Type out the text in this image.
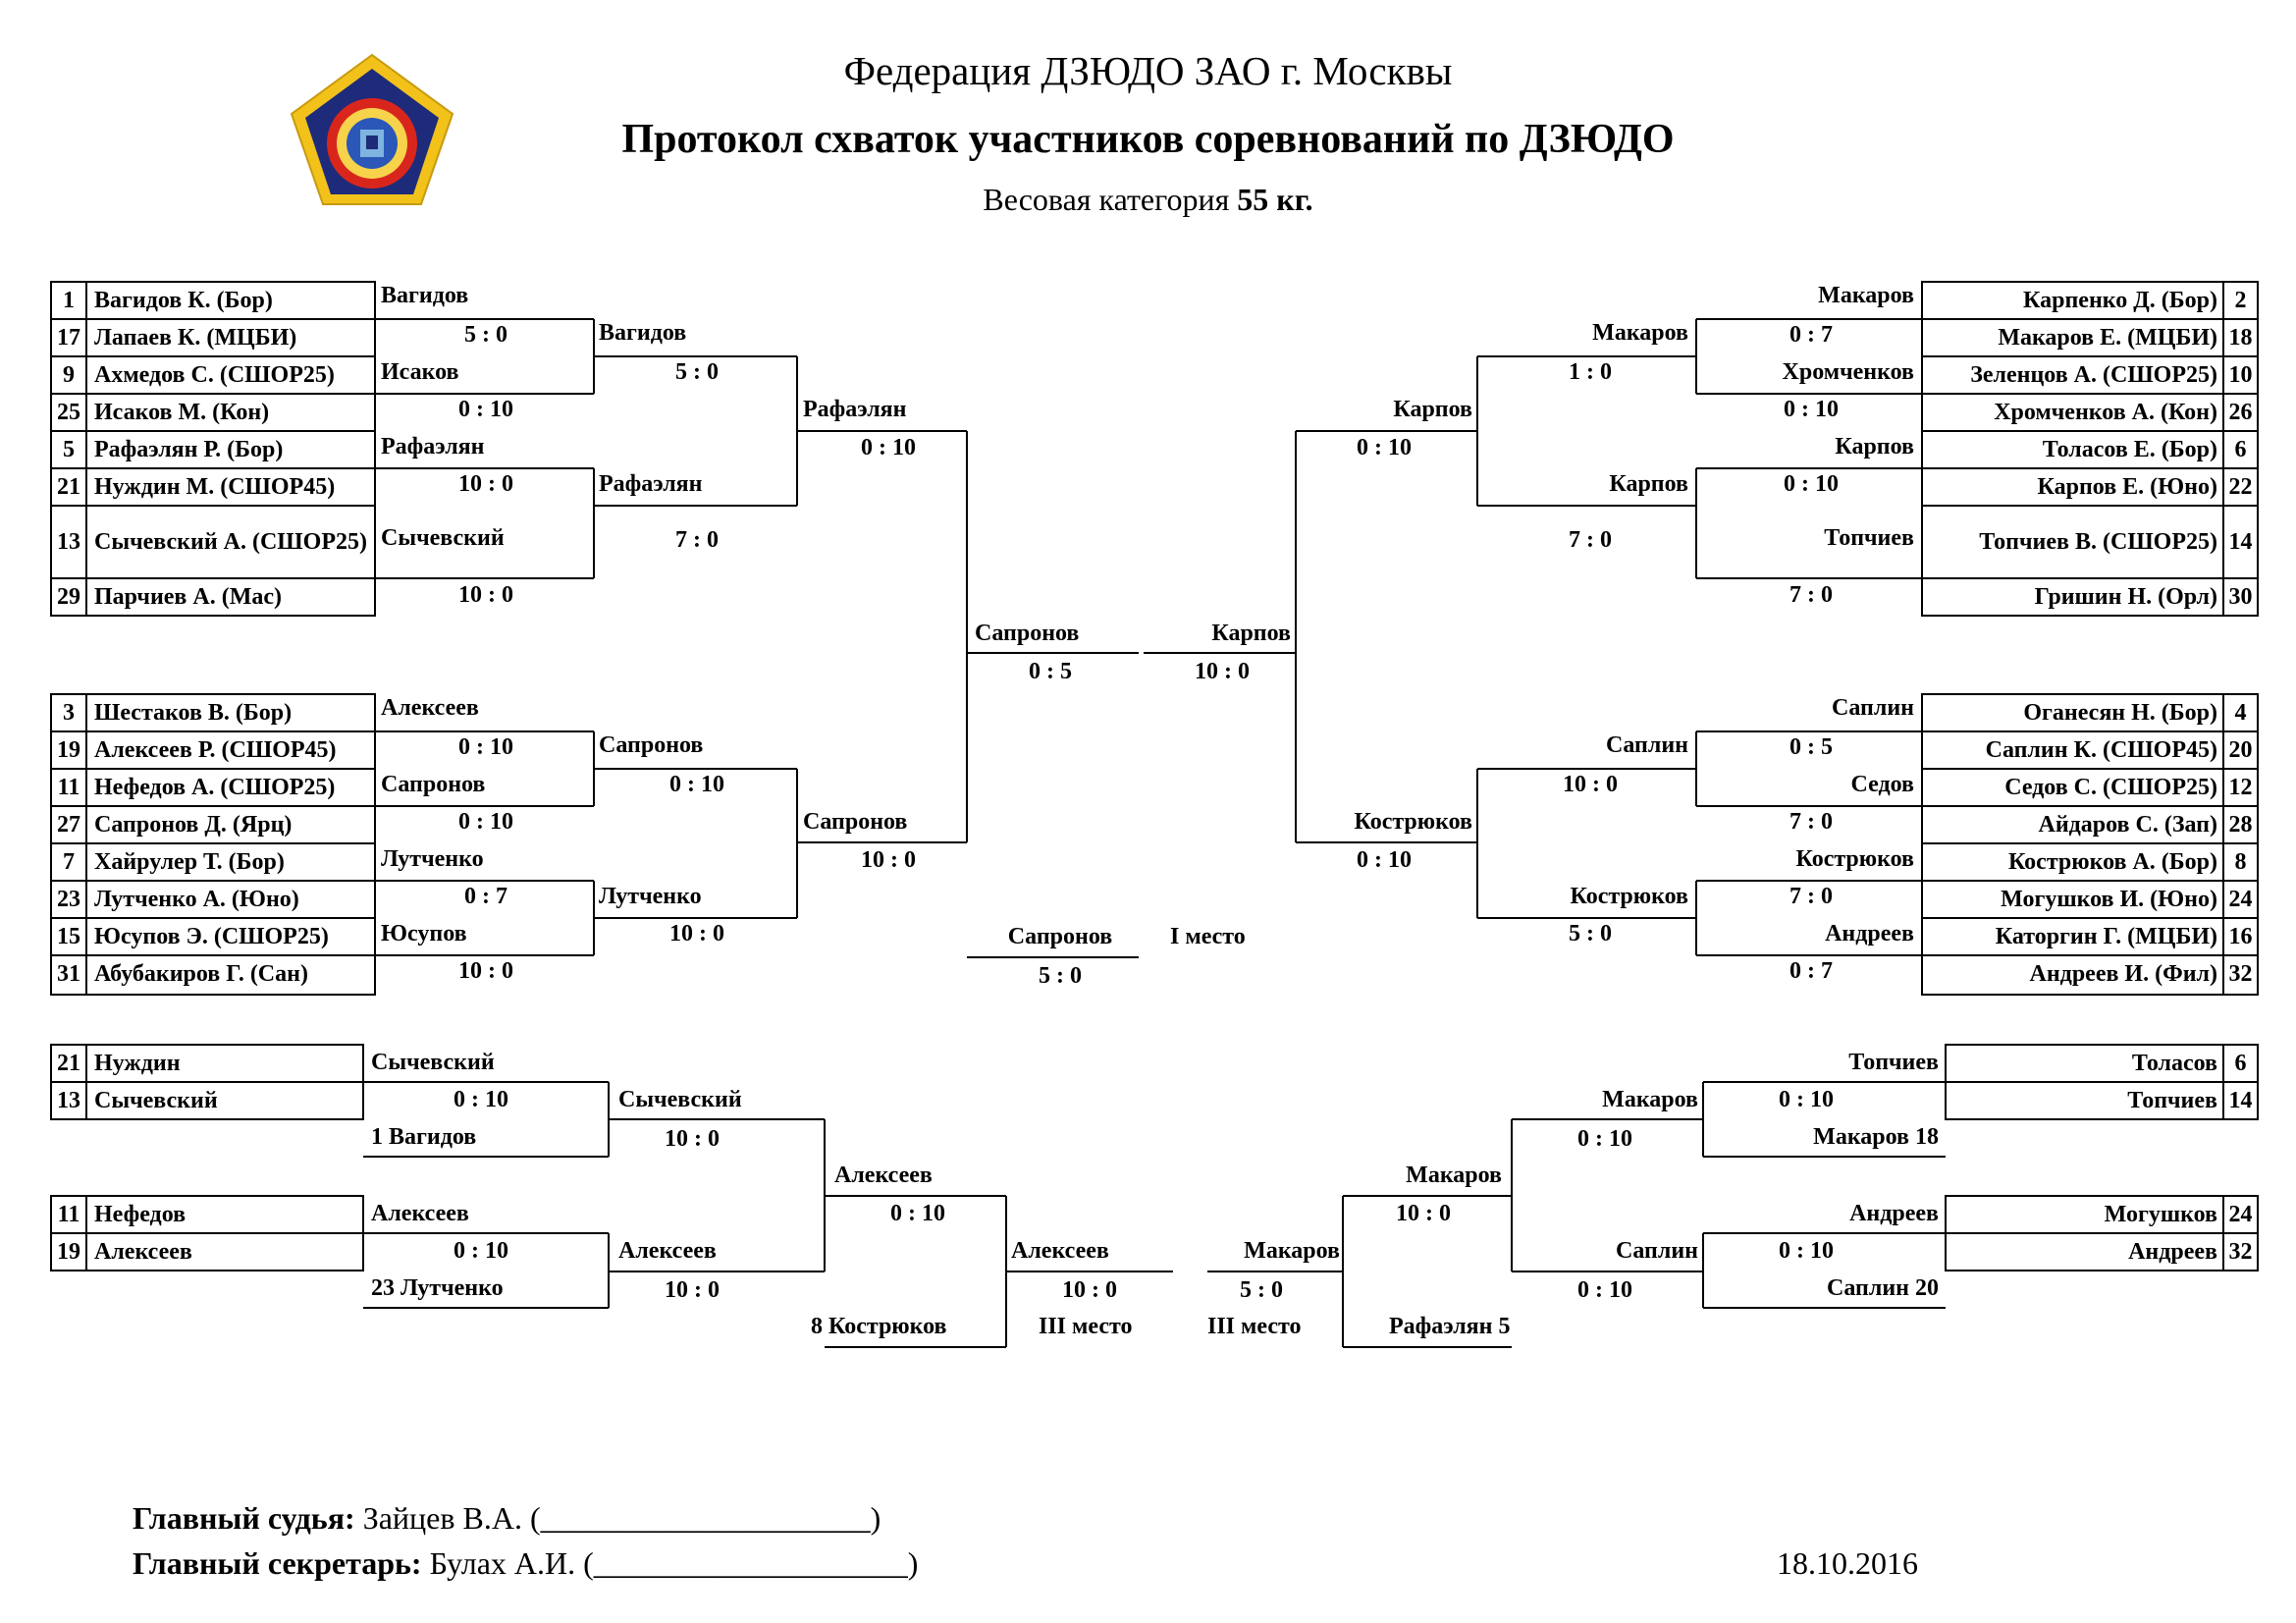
Федерация ДЗЮДО ЗАО г. Москвы
Протокол схваток участников соревнований по ДЗЮДО
Весовая категория 55 кг.
1 Вагидов К. (Бор)
17 Лапаев К. (МЦБИ)
9 Ахмедов С. (СШОР25)
25 Исаков М. (Кон)
5 Рафаэлян Р. (Бор)
21 Нуждин М. (СШОР45)
13 Сычевский А. (СШОР25)
29 Парчиев А. (Мас)
3 Шестаков В. (Бор)
19 Алексеев Р. (СШОР45)
11 Нефедов А. (СШОР25)
27 Сапронов Д. (Ярц)
7 Хайрулер Т. (Бор)
23 Лутченко А. (Юно)
15 Юсупов Э. (СШОР25)
31 Абубакиров Г. (Сан)
2
Карпенко Д. (Бор)
18
Макаров Е. (МЦБИ)
10
Зеленцов А. (СШОР25)
26
Хромченков А. (Кон)
6
Толасов Е. (Бор)
22
Карпов Е. (Юно)
14
Топчиев В. (СШОР25)
30
Гришин Н. (Орл)
4
Оганесян Н. (Бор)
20
Саплин К. (СШОР45)
12
Седов С. (СШОР25)
28
Айдаров С. (Зап)
8
Кострюков А. (Бор)
24
Могушков И. (Юно)
16
Каторгин Г. (МЦБИ)
32
Андреев И. (Фил)
Вагидов
5 : 0
Исаков
0 : 10
Рафаэлян
10 : 0
Сычевский
10 : 0
Вагидов
5 : 0
Рафаэлян
7 : 0
Рафаэлян
0 : 10
Алексеев
0 : 10
Сапронов
0 : 10
Лутченко
0 : 7
Юсупов
10 : 0
Сапронов
0 : 10
Лутченко
10 : 0
Сапронов
10 : 0
Сапронов
0 : 5
Макаров
0 : 7
Хромченков
0 : 10
Карпов
0 : 10
Топчиев
7 : 0
Макаров
1 : 0
Карпов
7 : 0
Карпов
0 : 10
Саплин
0 : 5
Седов
7 : 0
Кострюков
7 : 0
Андреев
0 : 7
Саплин
10 : 0
Кострюков
5 : 0
Кострюков
0 : 10
Карпов
10 : 0
Сапронов
5 : 0
I место
21 Нуждин
13 Сычевский
11 Нефедов
19 Алексеев
6
Толасов
14
Топчиев
24
Могушков
32
Андреев
Сычевский
0 : 10
1 Вагидов
Сычевский
10 : 0
Алексеев
0 : 10
Алексеев
0 : 10
23 Лутченко
Алексеев
10 : 0
8 Кострюков
Алексеев
10 : 0
III место
Макаров
5 : 0
III место
Макаров
10 : 0
Рафаэлян 5
Топчиев
0 : 10
Макаров 18
Макаров
0 : 10
Андреев
0 : 10
Саплин 20
Саплин
0 : 10
Главный судья: Зайцев В.А. (_____________________)
Главный секретарь: Булах А.И. (____________________)	18.10.2016
